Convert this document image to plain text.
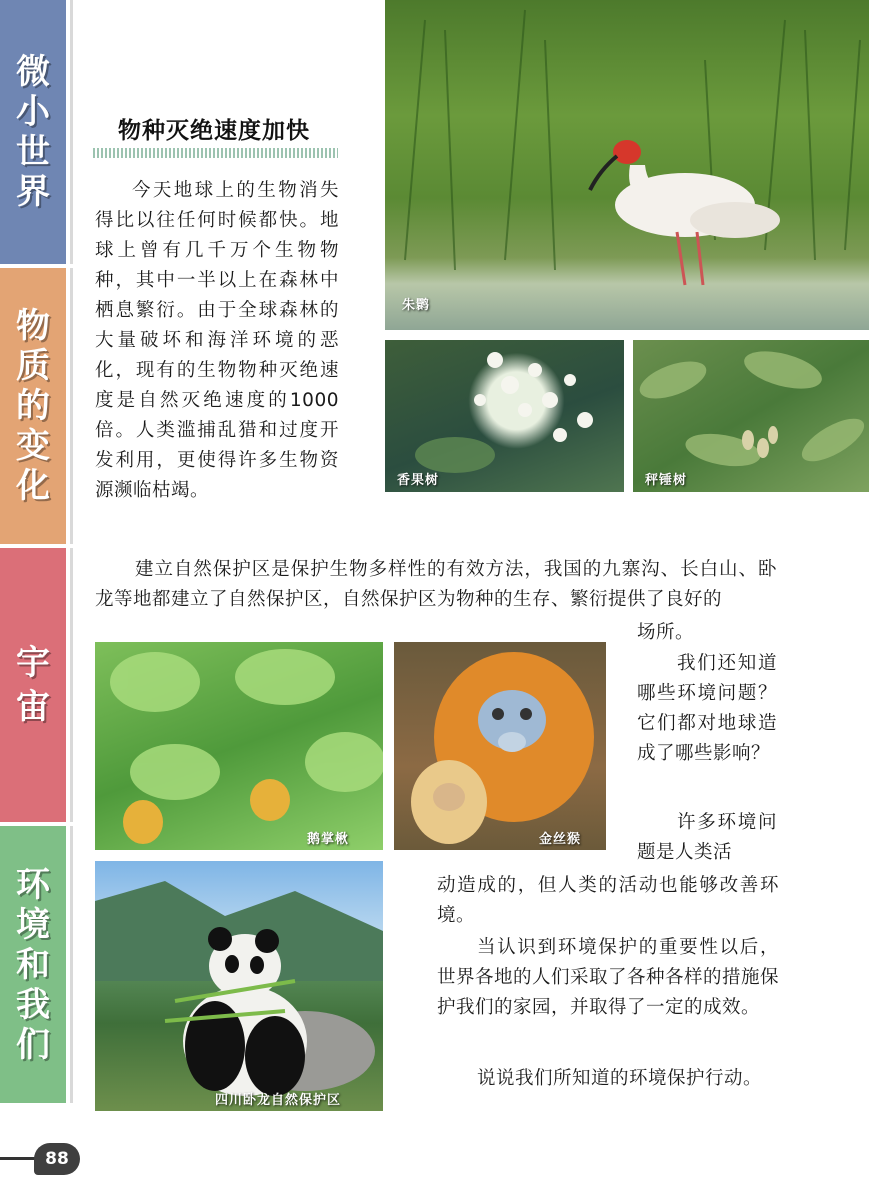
微
小
世
界
物
质
的
变
化
宇
宙
环
境
和
我
们
物种灭绝速度加快

今天地球上的生物消失得比以往任何时候都快。地球上曾有几千万个生物物种，其中一半以上在森林中栖息繁衍。由于全球森林的大量破坏和海洋环境的恶化，现有的生物物种灭绝速度是自然灭绝速度的1000倍。人类滥捕乱猎和过度开发利用，更使得许多生物资源濒临枯竭。

建立自然保护区是保护生物多样性的有效方法，我国的九寨沟、长白山、卧龙等地都建立了自然保护区，自然保护区为物种的生存、繁衍提供了良好的

场所。

我们还知道哪些环境问题？它们都对地球造成了哪些影响？

许多环境问题是人类活

动造成的，但人类的活动也能够改善环境。

当认识到环境保护的重要性以后，世界各地的人们采取了各种各样的措施保护我们的家园，并取得了一定的成效。

说说我们所知道的环境保护行动。

朱鹮
香果树	秤锤树
鹅掌楸	金丝猴
四川卧龙自然保护区
88
